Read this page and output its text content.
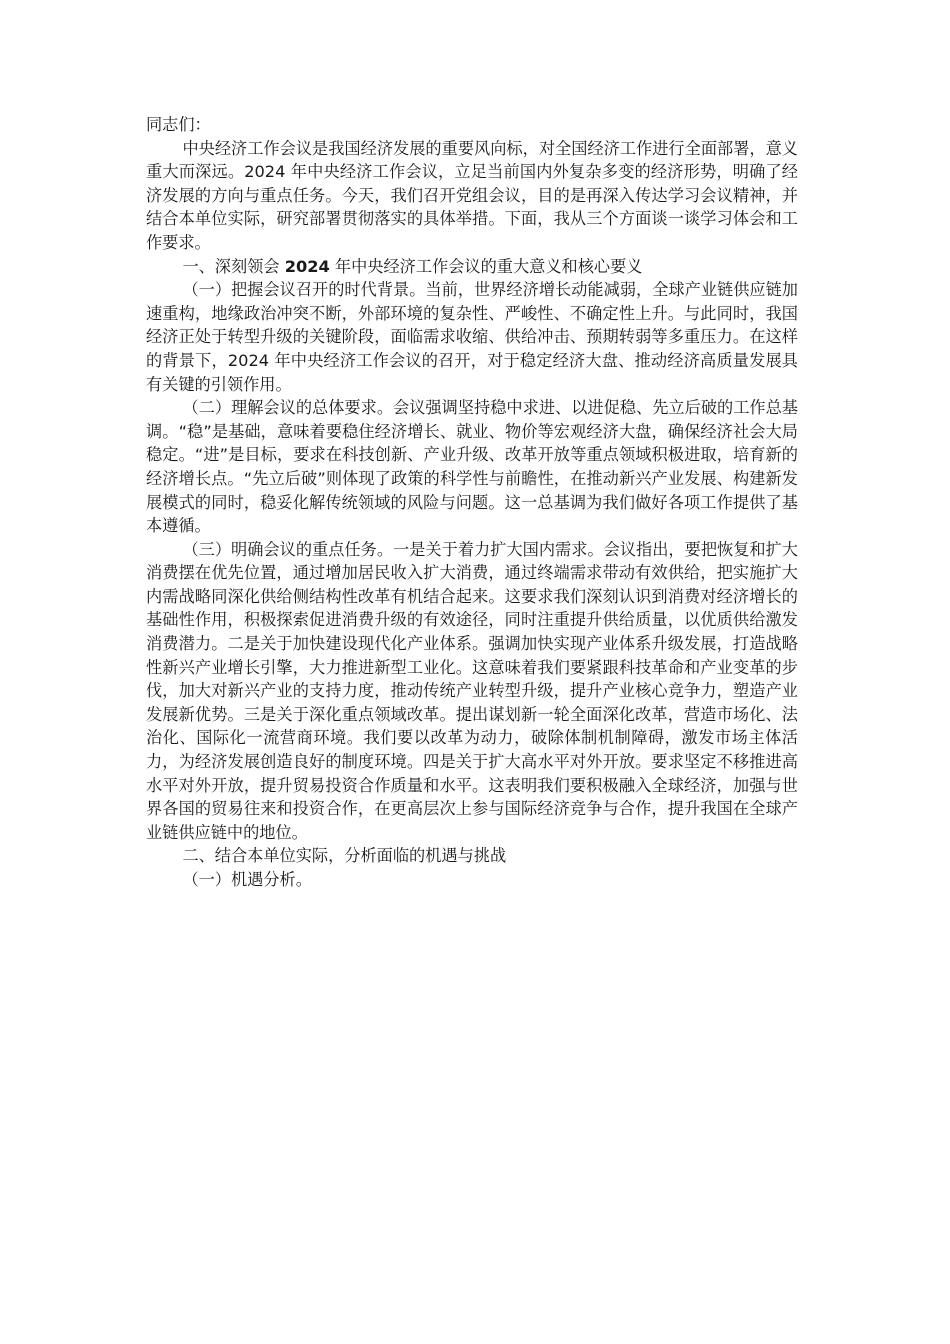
同志们：

中央经济工作会议是我国经济发展的重要风向标，对全国经济工作进行全面部署，意义重大而深远。2024 年中央经济工作会议，立足当前国内外复杂多变的经济形势，明确了经济发展的方向与重点任务。今天，我们召开党组会议，目的是再深入传达学习会议精神，并结合本单位实际，研究部署贯彻落实的具体举措。下面，我从三个方面谈一谈学习体会和工作要求。

一、深刻领会 2024 年中央经济工作会议的重大意义和核心要义

（一）把握会议召开的时代背景。当前，世界经济增长动能减弱，全球产业链供应链加速重构，地缘政治冲突不断，外部环境的复杂性、严峻性、不确定性上升。与此同时，我国经济正处于转型升级的关键阶段，面临需求收缩、供给冲击、预期转弱等多重压力。在这样的背景下，2024 年中央经济工作会议的召开，对于稳定经济大盘、推动经济高质量发展具有关键的引领作用。

（二）理解会议的总体要求。会议强调坚持稳中求进、以进促稳、先立后破的工作总基调。“稳”是基础，意味着要稳住经济增长、就业、物价等宏观经济大盘，确保经济社会大局稳定。“进”是目标，要求在科技创新、产业升级、改革开放等重点领域积极进取，培育新的经济增长点。“先立后破”则体现了政策的科学性与前瞻性，在推动新兴产业发展、构建新发展模式的同时，稳妥化解传统领域的风险与问题。这一总基调为我们做好各项工作提供了基本遵循。

（三）明确会议的重点任务。一是关于着力扩大国内需求。会议指出，要把恢复和扩大消费摆在优先位置，通过增加居民收入扩大消费，通过终端需求带动有效供给，把实施扩大内需战略同深化供给侧结构性改革有机结合起来。这要求我们深刻认识到消费对经济增长的基础性作用，积极探索促进消费升级的有效途径，同时注重提升供给质量，以优质供给激发消费潜力。二是关于加快建设现代化产业体系。强调加快实现产业体系升级发展，打造战略性新兴产业增长引擎，大力推进新型工业化。这意味着我们要紧跟科技革命和产业变革的步伐，加大对新兴产业的支持力度，推动传统产业转型升级，提升产业核心竞争力，塑造产业发展新优势。三是关于深化重点领域改革。提出谋划新一轮全面深化改革，营造市场化、法治化、国际化一流营商环境。我们要以改革为动力，破除体制机制障碍，激发市场主体活力，为经济发展创造良好的制度环境。四是关于扩大高水平对外开放。要求坚定不移推进高水平对外开放，提升贸易投资合作质量和水平。这表明我们要积极融入全球经济，加强与世界各国的贸易往来和投资合作，在更高层次上参与国际经济竞争与合作，提升我国在全球产业链供应链中的地位。

二、结合本单位实际，分析面临的机遇与挑战

（一）机遇分析。
